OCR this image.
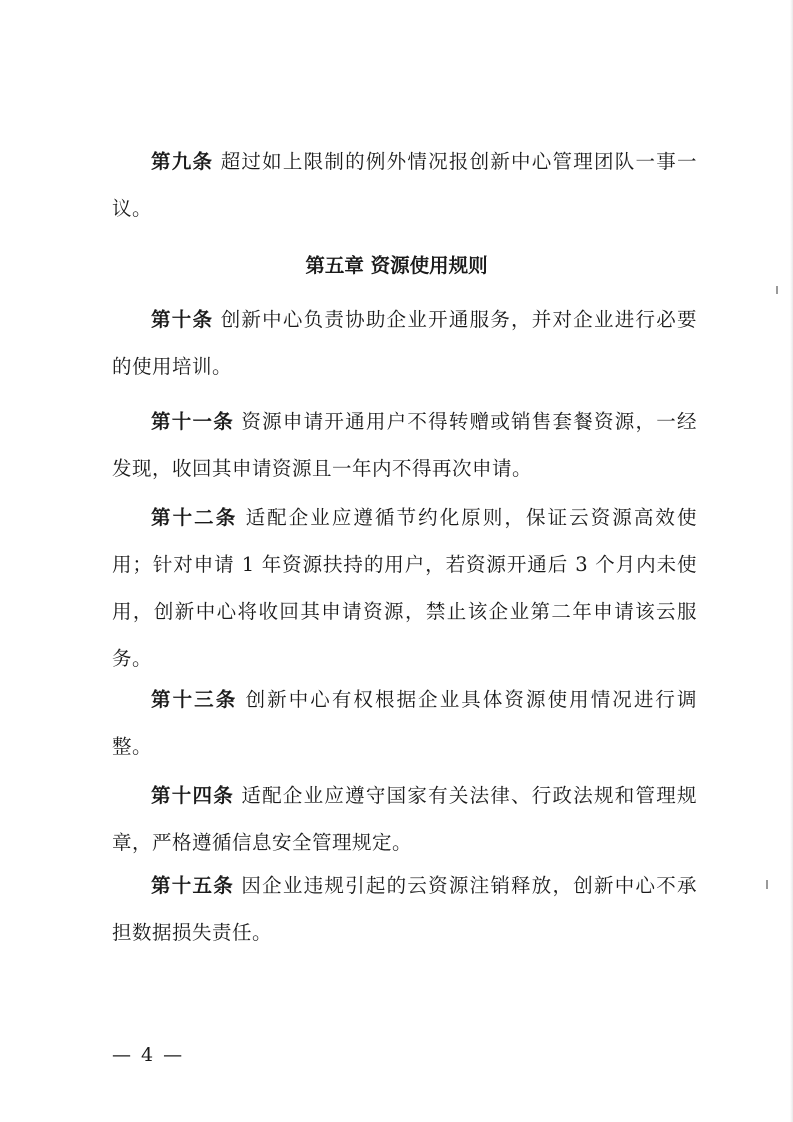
第九条 超过如上限制的例外情况报创新中心管理团队一事一议。

第五章 资源使用规则

第十条 创新中心负责协助企业开通服务，并对企业进行必要的使用培训。

第十一条 资源申请开通用户不得转赠或销售套餐资源，一经发现，收回其申请资源且一年内不得再次申请。

第十二条 适配企业应遵循节约化原则，保证云资源高效使用；针对申请 1 年资源扶持的用户，若资源开通后 3 个月内未使用，创新中心将收回其申请资源，禁止该企业第二年申请该云服务。

第十三条 创新中心有权根据企业具体资源使用情况进行调整。

第十四条 适配企业应遵守国家有关法律、行政法规和管理规章，严格遵循信息安全管理规定。

第十五条 因企业违规引起的云资源注销释放，创新中心不承担数据损失责任。

— 4 —
